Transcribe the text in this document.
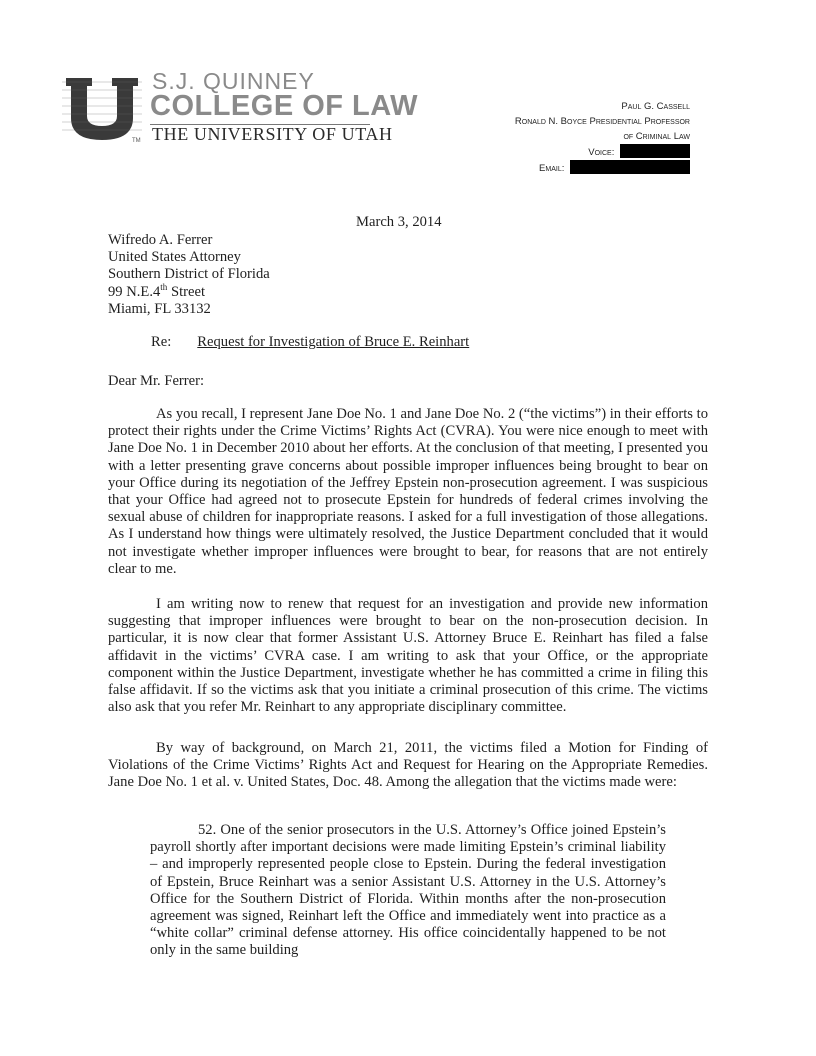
TM
S.J. QUINNEY
COLLEGE OF LAW
THE UNIVERSITY OF UTAH
Paul G. Cassell
Ronald N. Boyce Presidential Professor
of Criminal Law
Voice:
Email:
March 3, 2014
Wifredo A. Ferrer
United States Attorney
Southern District of Florida
99 N.E.4th Street
Miami, FL 33132
Re: Request for Investigation of Bruce E. Reinhart
Dear Mr. Ferrer:

As you recall, I represent Jane Doe No. 1 and Jane Doe No. 2 (“the victims”) in their efforts to protect their rights under the Crime Victims’ Rights Act (CVRA). You were nice enough to meet with Jane Doe No. 1 in December 2010 about her efforts. At the conclusion of that meeting, I presented you with a letter presenting grave concerns about possible improper influences being brought to bear on your Office during its negotiation of the Jeffrey Epstein non-prosecution agreement. I was suspicious that your Office had agreed not to prosecute Epstein for hundreds of federal crimes involving the sexual abuse of children for inappropriate reasons. I asked for a full investigation of those allegations. As I understand how things were ultimately resolved, the Justice Department concluded that it would not investigate whether improper influences were brought to bear, for reasons that are not entirely clear to me.

I am writing now to renew that request for an investigation and provide new information suggesting that improper influences were brought to bear on the non-prosecution decision. In particular, it is now clear that former Assistant U.S. Attorney Bruce E. Reinhart has filed a false affidavit in the victims’ CVRA case. I am writing to ask that your Office, or the appropriate component within the Justice Department, investigate whether he has committed a crime in filing this false affidavit. If so the victims ask that you initiate a criminal prosecution of this crime. The victims also ask that you refer Mr. Reinhart to any appropriate disciplinary committee.

By way of background, on March 21, 2011, the victims filed a Motion for Finding of Violations of the Crime Victims’ Rights Act and Request for Hearing on the Appropriate Remedies. Jane Doe No. 1 et al. v. United States, Doc. 48. Among the allegation that the victims made were:

52. One of the senior prosecutors in the U.S. Attorney’s Office joined Epstein’s payroll shortly after important decisions were made limiting Epstein’s criminal liability – and improperly represented people close to Epstein. During the federal investigation of Epstein, Bruce Reinhart was a senior Assistant U.S. Attorney in the U.S. Attorney’s Office for the Southern District of Florida. Within months after the non-prosecution agreement was signed, Reinhart left the Office and immediately went into practice as a “white collar” criminal defense attorney. His office coincidentally happened to be not only in the same building
